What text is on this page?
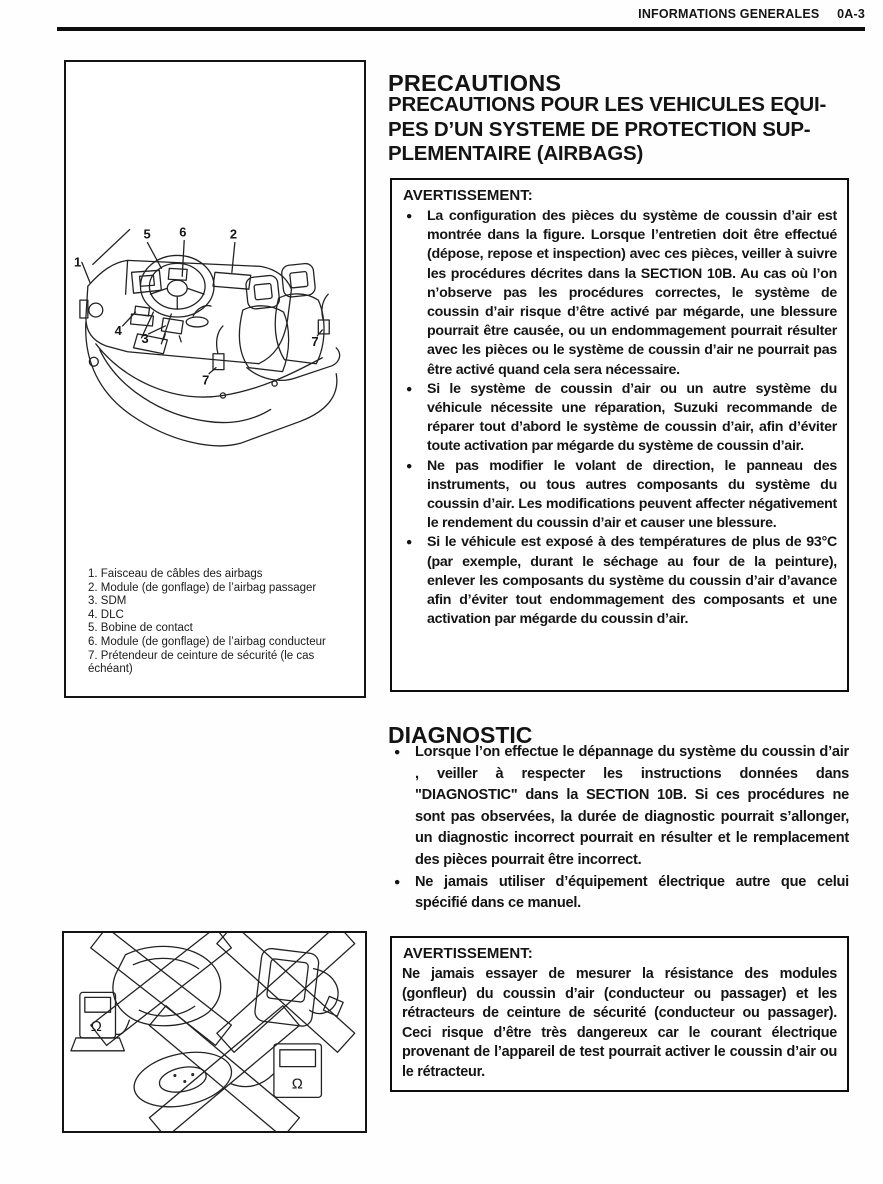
INFORMATIONS GENERALES 0A-3
1
5 6	2
4
3
7
7
1. Faisceau de câbles des airbags
2. Module (de gonflage) de l’airbag passager
3. SDM
4. DLC
5. Bobine de contact
6. Module (de gonflage) de l’airbag conducteur
7. Prétendeur de ceinture de sécurité (le cas échéant)
PRECAUTIONS
PRECAUTIONS POUR LES VEHICULES EQUI-
PES D’UN SYSTEME DE PROTECTION SUP-
PLEMENTAIRE (AIRBAGS)

AVERTISSEMENT:

● La configuration des pièces du système de coussin d’air est montrée dans la figure. Lorsque l’entretien doit être effectué (dépose, repose et inspection) avec ces pièces, veiller à suivre les procédures décrites dans la SECTION 10B. Au cas où l’on n’observe pas les procédures correctes, le système de coussin d’air risque d’être activé par mégarde, une blessure pourrait être causée, ou un endommagement pourrait résulter avec les pièces ou le système de coussin d’air ne pourrait pas être activé quand cela sera nécessaire.
● Si le système de coussin d’air ou un autre système du véhicule nécessite une réparation, Suzuki recommande de réparer tout d’abord le système de coussin d’air, afin d’éviter toute activation par mégarde du système de coussin d’air.
● Ne pas modifier le volant de direction, le panneau des instruments, ou tous autres composants du système du coussin d’air. Les modifications peuvent affecter négativement le rendement du coussin d’air et causer une blessure.
● Si le véhicule est exposé à des températures de plus de 93°C (par exemple, durant le séchage au four de la peinture), enlever les composants du système du coussin d’air d’avance afin d’éviter tout endommagement des composants et une activation par mégarde du coussin d’air.
DIAGNOSTIC
● Lorsque l’on effectue le dépannage du système du coussin d’air , veiller à respecter les instructions données dans "DIAGNOSTIC" dans la SECTION 10B. Si ces procédures ne sont pas observées, la durée de diagnostic pourrait s’allonger, un diagnostic incorrect pourrait en résulter et le remplacement des pièces pourrait être incorrect.
● Ne jamais utiliser d’équipement électrique autre que celui spécifié dans ce manuel.

AVERTISSEMENT:

Ne jamais essayer de mesurer la résistance des modules (gonfleur) du coussin d’air (conducteur ou passager) et les rétracteurs de ceinture de sécurité (conducteur ou passager). Ceci risque d’être très dangereux car le courant électrique provenant de l’appareil de test pourrait activer le coussin d’air ou le rétracteur.

Ω
Ω
